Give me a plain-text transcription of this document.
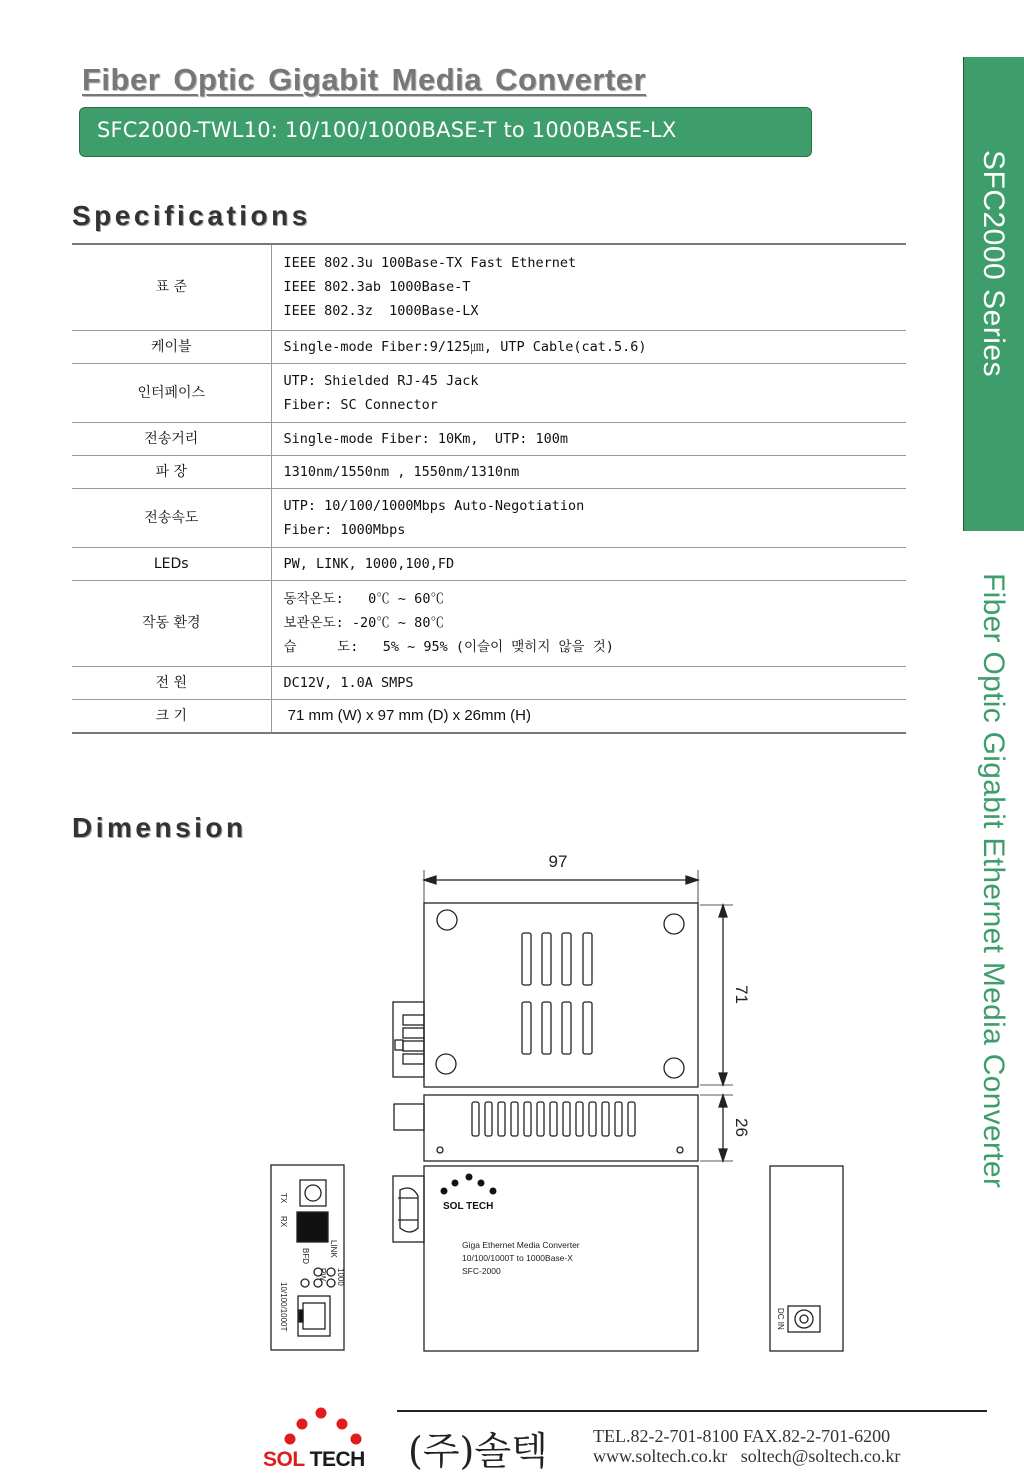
Fiber Optic Gigabit Media Converter
SFC2000-TWL10: 10/100/1000BASE-T to 1000BASE-LX
SFC2000 Series
Fiber Optic Gigabit Ethernet Media Converter
Specifications
표 준	IEEE 802.3u 100Base-TX Fast Ethernet
IEEE 802.3ab 1000Base-T
IEEE 802.3z  1000Base-LX
케이블	Single-mode Fiber:9/125㎛, UTP Cable(cat.5.6)
인터페이스	UTP: Shielded RJ-45 Jack
Fiber: SC Connector
전송거리	Single-mode Fiber: 10Km,  UTP: 100m
파 장	1310nm/1550nm , 1550nm/1310nm
전송속도	UTP: 10/100/1000Mbps Auto-Negotiation
Fiber: 1000Mbps
LEDs	PW, LINK, 1000,100,FD
작동 환경	동작온도:   0℃ ~ 60℃
보관온도: -20℃ ~ 80℃
습     도:   5% ~ 95% (이슬이 맺히지 않을 것)
전 원	DC12V, 1.0A SMPS
크 기	71 mm (W) x 97 mm (D) x 26mm (H)
Dimension
97
71
26
TX
RX
LINK
BFD
PW 1000
10/100/1000T
SOL TECH
Giga Ethernet Media Converter
10/100/1000T to 1000Base-X
SFC-2000
DC IN
SOL TECH (주)솔텍	TEL.82-2-701-8100 FAX.82-2-701-6200
www.soltech.co.kr   soltech@soltech.co.kr
